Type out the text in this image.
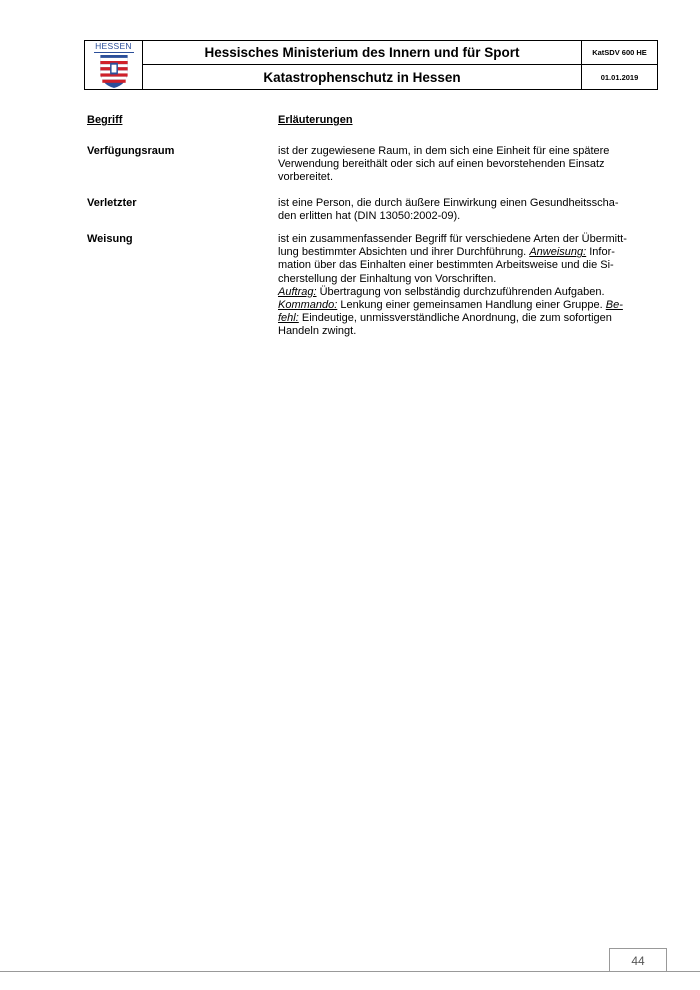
HESSEN	Hessisches Ministerium des Innern und für Sport	KatSDV 600 HE
Katastrophenschutz in Hessen	01.01.2019
Begriff	Erläuterungen
Verfügungsraum	ist der zugewiesene Raum, in dem sich eine Einheit für eine spätere
Verwendung bereithält oder sich auf einen bevorstehenden Einsatz
vorbereitet.
Verletzter	ist eine Person, die durch äußere Einwirkung einen Gesundheitsscha-
den erlitten hat (DIN 13050:2002-09).
Weisung	ist ein zusammenfassender Begriff für verschiedene Arten der Übermitt-
lung bestimmter Absichten und ihrer Durchführung. Anweisung: Infor-
mation über das Einhalten einer bestimmten Arbeitsweise und die Si-
cherstellung der Einhaltung von Vorschriften.
Auftrag: Übertragung von selbständig durchzuführenden Aufgaben.
Kommando: Lenkung einer gemeinsamen Handlung einer Gruppe. Be-
fehl: Eindeutige, unmissverständliche Anordnung, die zum sofortigen
Handeln zwingt.
44
